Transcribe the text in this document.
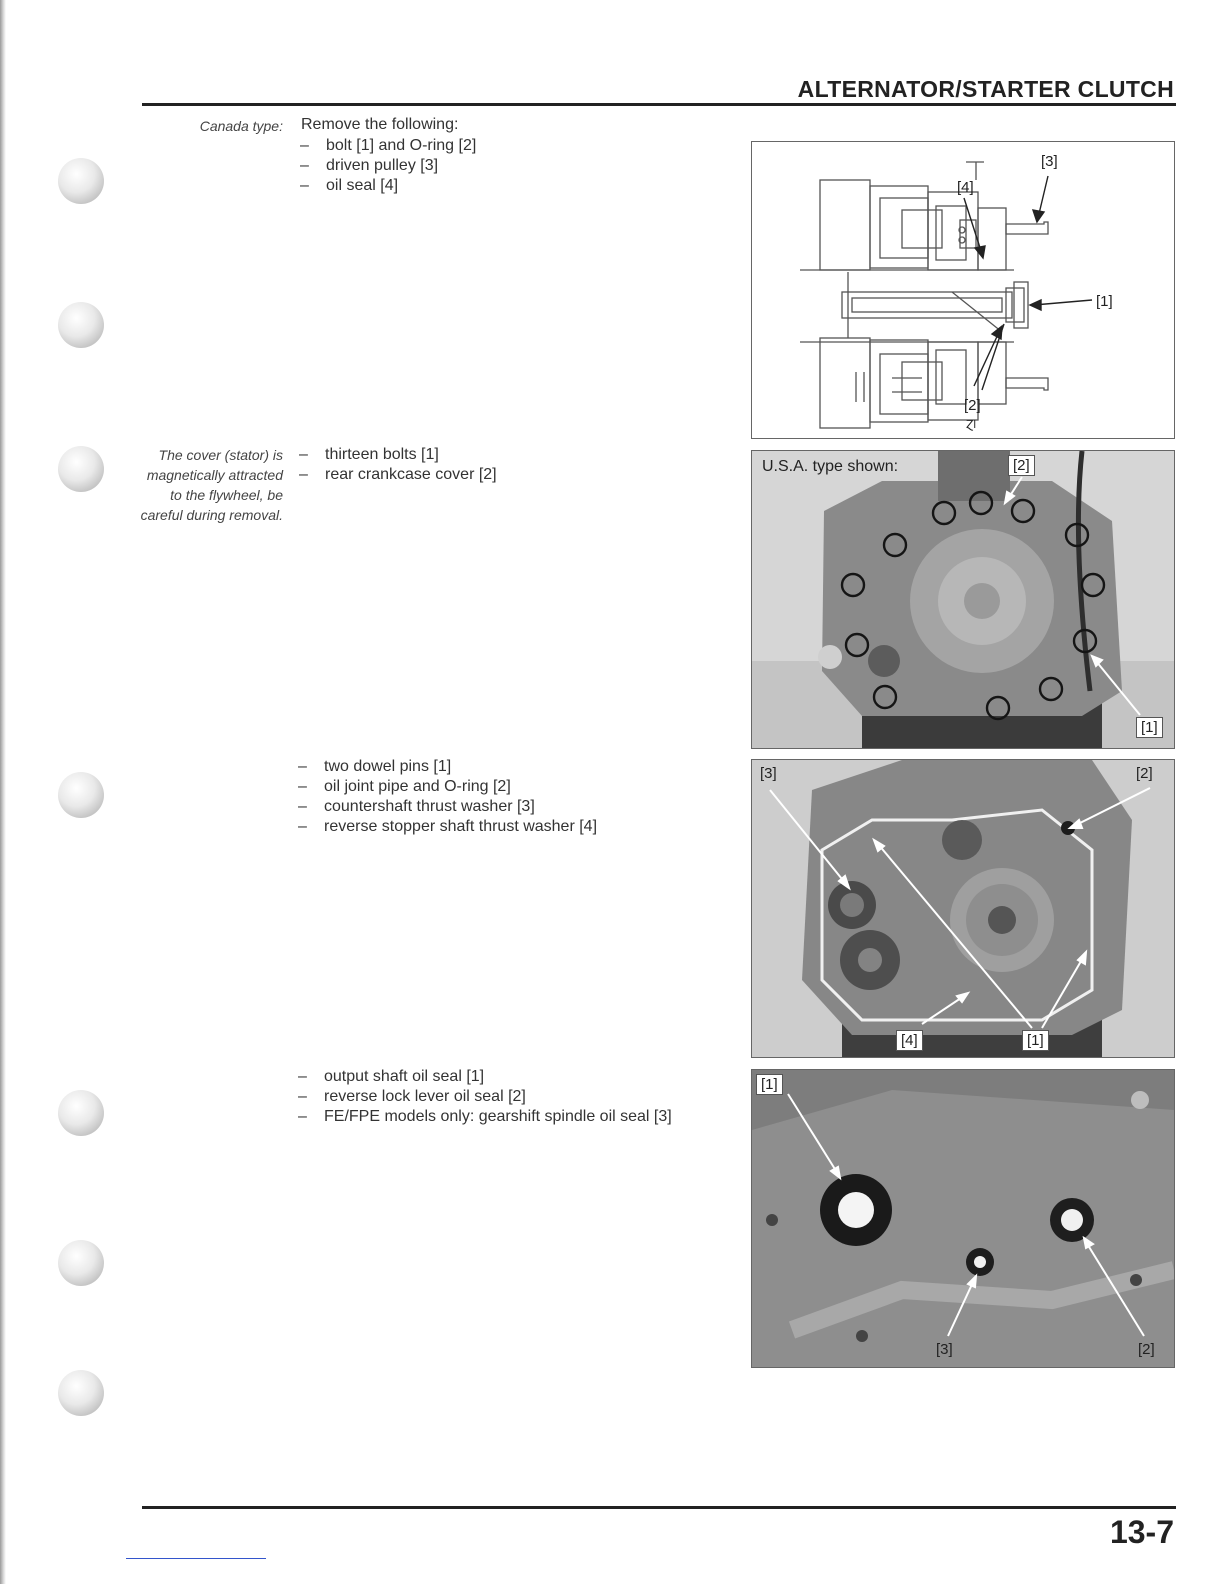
ALTERNATOR/STARTER CLUTCH
Canada type: Remove the following:
– bolt [1] and O-ring [2]
– driven pulley [3]
– oil seal [4]
The cover (stator) is magnetically attracted to the flywheel, be careful during removal.
– thirteen bolts [1]
– rear crankcase cover [2]
– two dowel pins [1]
– oil joint pipe and O-ring [2]
– countershaft thrust washer [3]
– reverse stopper shaft thrust washer [4]
– output shaft oil seal [1]
– reverse lock lever oil seal [2]
– FE/FPE models only: gearshift spindle oil seal [3]
[1]
[2]
[3]
[4]
Ɀl
U.S.A. type shown:	[2]
[1]
[3]	[2]
[4]	[1]
[1]
[3]	[2]
13-7
